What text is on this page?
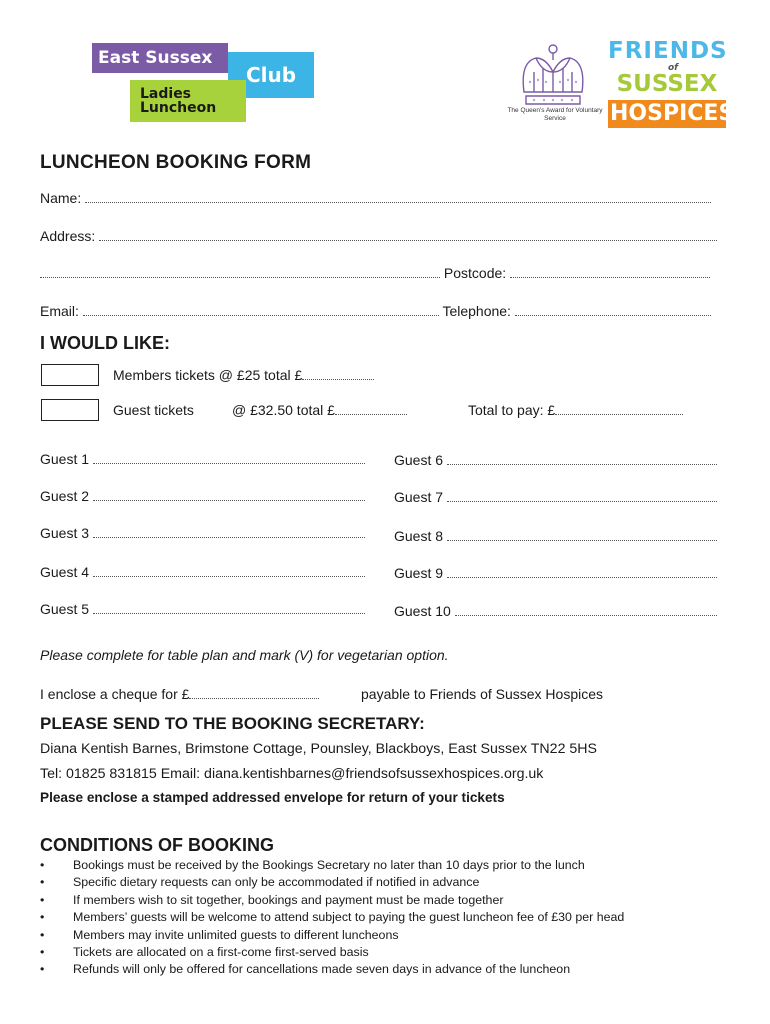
East Sussex
Club
Ladies
Luncheon	The Queen's Award for Voluntary Service
FRIENDS
of
SUSSEX
HOSPICES
LUNCHEON BOOKING FORM
Name:
Address:
Postcode:
Email:	Telephone:
I WOULD LIKE:
Members tickets @ £25 total £
Guest tickets	@ £32.50 total £	Total to pay: £
Guest 1
Guest 2
Guest 3
Guest 4
Guest 5
Guest 6
Guest 7
Guest 8
Guest 9
Guest 10
Please complete for table plan and mark (V) for vegetarian option.
I enclose a cheque for £	payable to Friends of Sussex Hospices
PLEASE SEND TO THE BOOKING SECRETARY:
Diana Kentish Barnes, Brimstone Cottage, Pounsley, Blackboys, East Sussex TN22 5HS
Tel: 01825 831815 Email: diana.kentishbarnes@friendsofsussexhospices.org.uk
Please enclose a stamped addressed envelope for return of your tickets
CONDITIONS OF BOOKING
• Bookings must be received by the Bookings Secretary no later than 10 days prior to the lunch
• Specific dietary requests can only be accommodated if notified in advance
• If members wish to sit together, bookings and payment must be made together
• Members’ guests will be welcome to attend subject to paying the guest luncheon fee of £30 per head
• Members may invite unlimited guests to different luncheons
• Tickets are allocated on a first-come first-served basis
• Refunds will only be offered for cancellations made seven days in advance of the luncheon
